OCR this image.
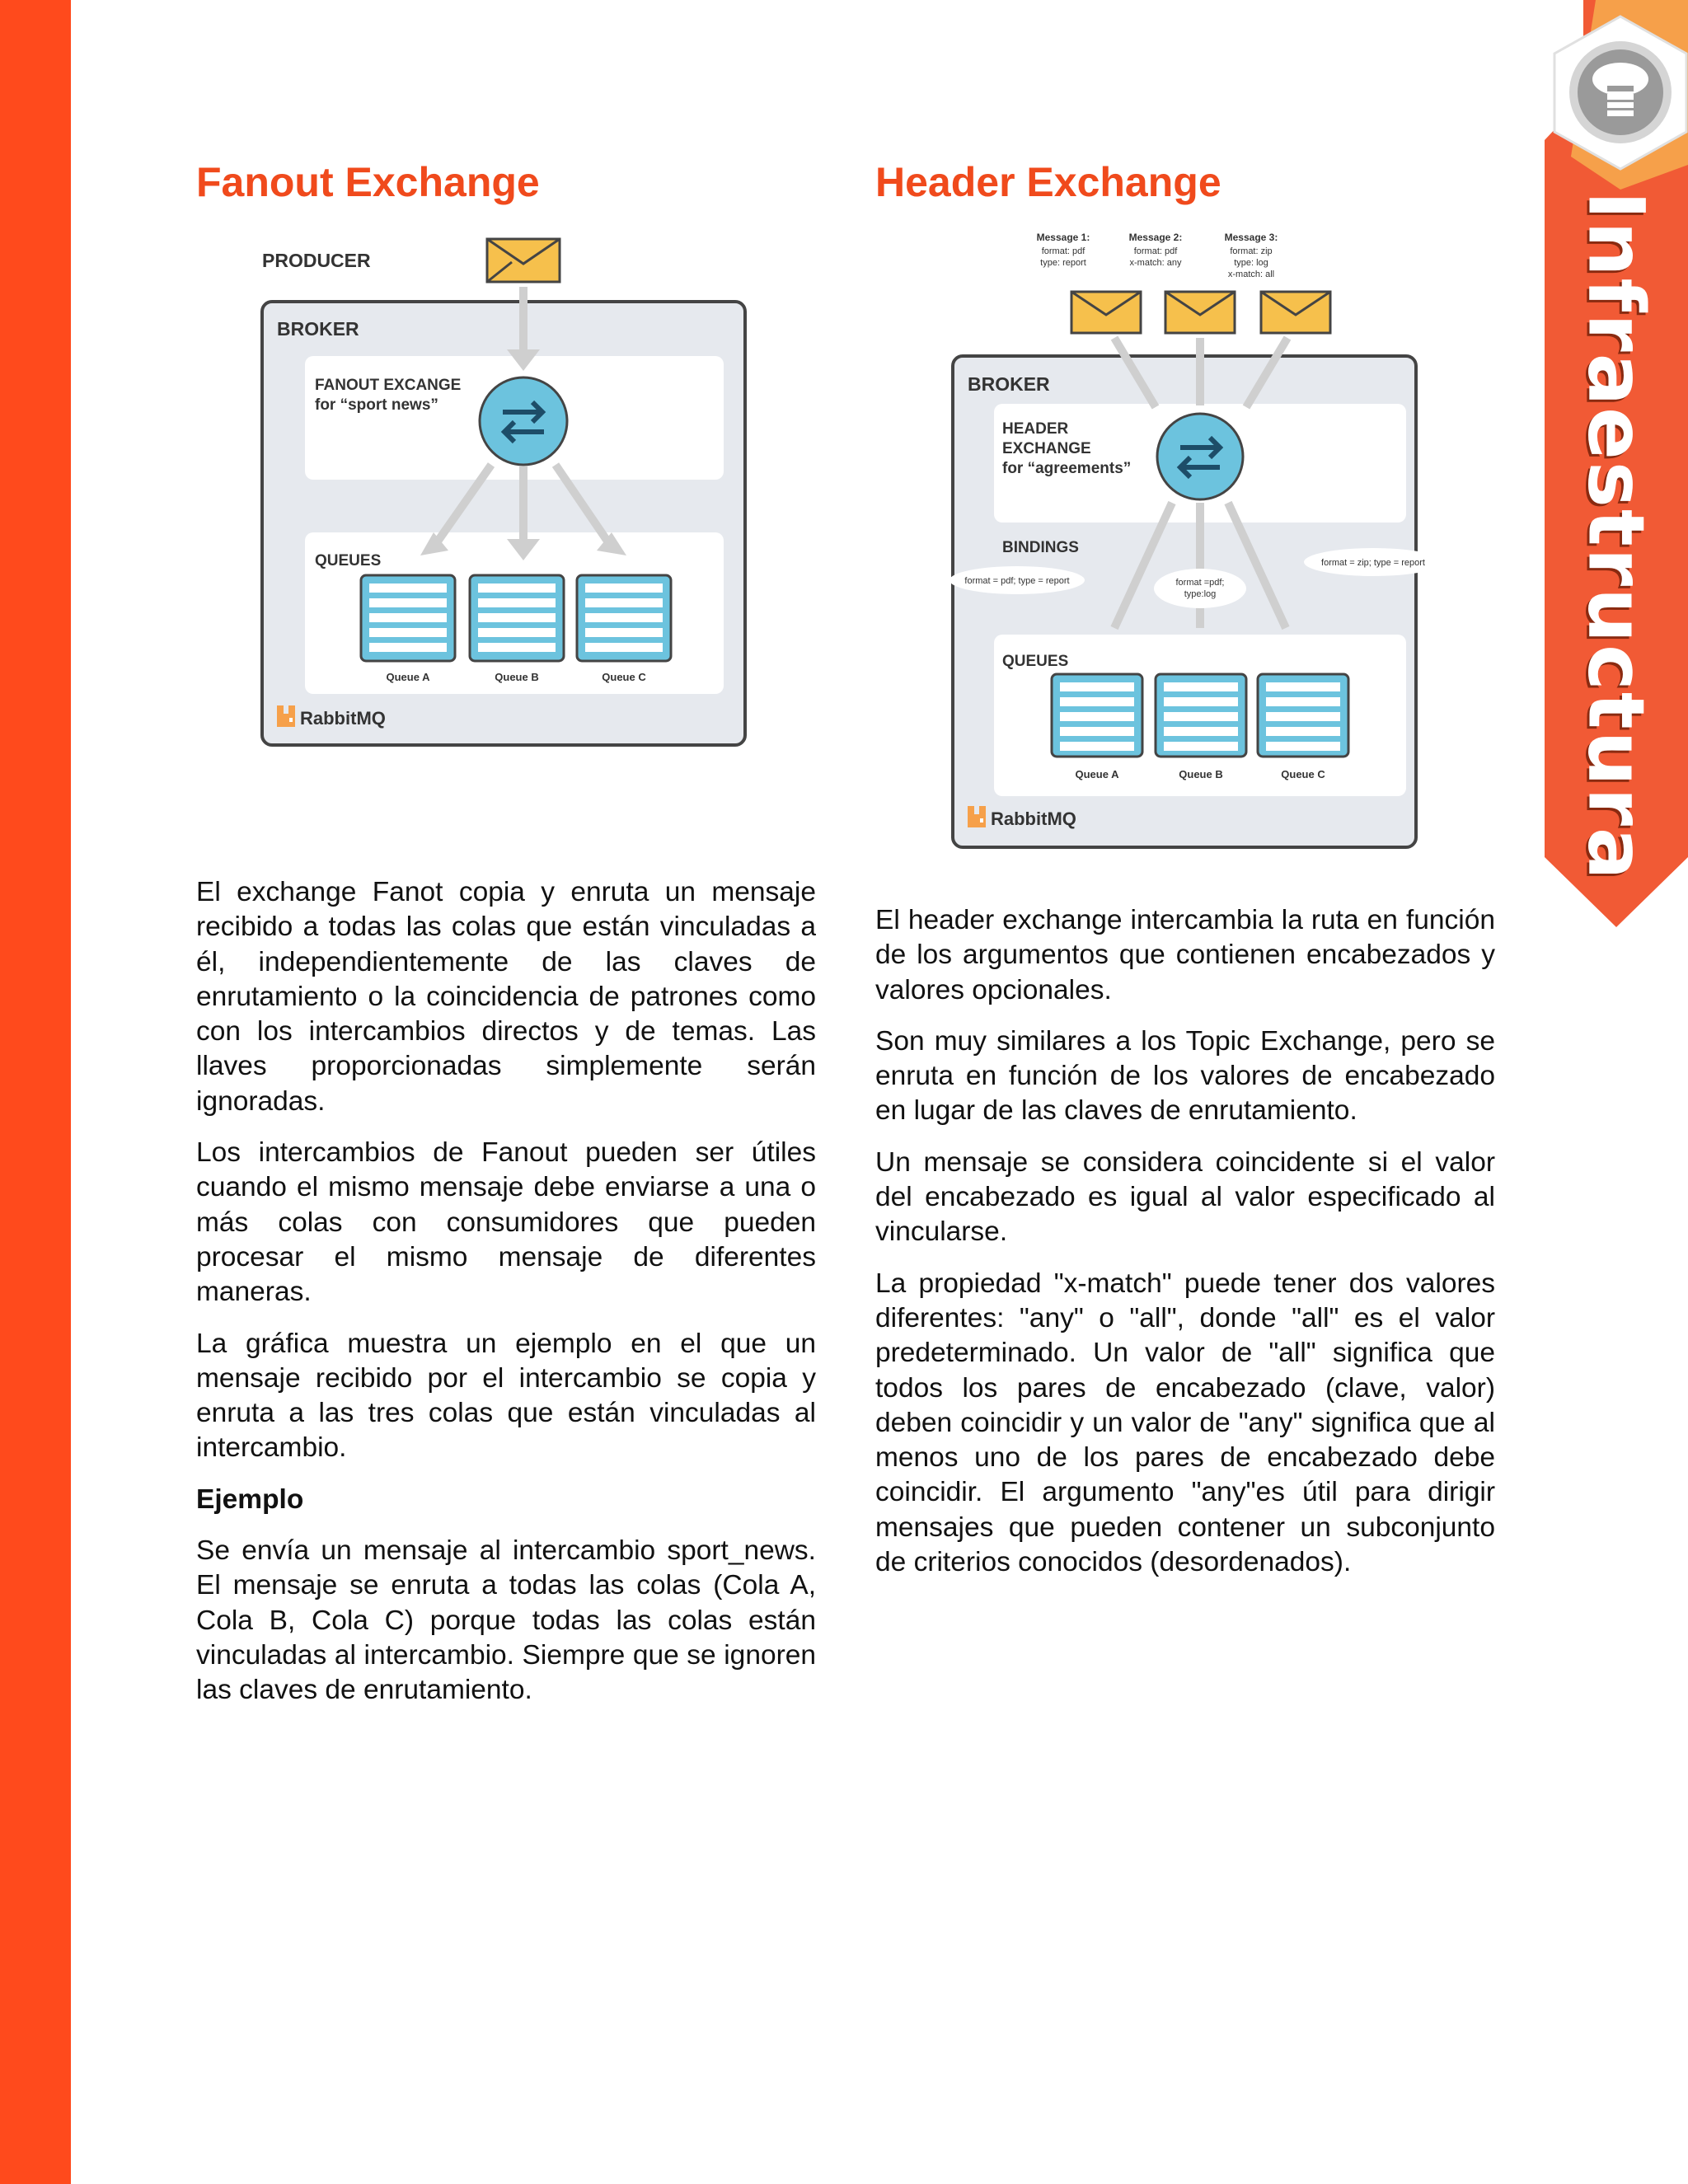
Infraestructura
Fanout Exchange
PRODUCER
BROKER
FANOUT EXCANGE
for “sport news”
QUEUES
Queue A	Queue B	Queue C
RabbitMQ

El exchange Fanot copia y enruta un mensaje recibido a todas las colas que están vinculadas a él, independientemente de las claves de enrutamiento o la coincidencia de patrones como con los intercambios directos y de temas. Las llaves proporcionadas simplemente serán ignoradas.

Los intercambios de Fanout pueden ser útiles cuando el mismo mensaje debe enviarse a una o más colas con consumidores que pueden procesar el mismo mensaje de diferentes maneras.

La gráfica muestra un ejemplo en el que un mensaje recibido por el intercambio se copia y enruta a las tres colas que están vinculadas al intercambio.

Ejemplo

Se envía un mensaje al intercambio sport_news. El mensaje se enruta a todas las colas (Cola A, Cola B, Cola C) porque todas las colas están vinculadas al intercambio. Siempre que se ignoren las claves de enrutamiento.

Header Exchange
Message 1:
format: pdf
type: report
Message 2:
format: pdf
x-match: any
Message 3:
format: zip
type: log
x-match: all
BROKER
HEADER
EXCHANGE
for “agreements”
BINDINGS
format = pdf; type = report	format =pdf;
type:log
format = zip; type = report
QUEUES
Queue A	Queue B	Queue C
RabbitMQ

El header exchange intercambia la ruta en función de los argumentos que contienen encabezados y valores opcionales.

Son muy similares a los Topic Exchange, pero se enruta en función de los valores de encabezado en lugar de las claves de enrutamiento.

Un mensaje se considera coincidente si el valor del encabezado es igual al valor especificado al vincularse.

La propiedad "x-match" puede tener dos valores diferentes: "any" o "all", donde "all" es el valor predeterminado. Un valor de "all" significa que todos los pares de encabezado (clave, valor) deben coincidir y un valor de "any" significa que al menos uno de los pares de encabezado debe coincidir. El argumento "any"es útil para dirigir mensajes que pueden contener un subconjunto de criterios conocidos (desordenados).
